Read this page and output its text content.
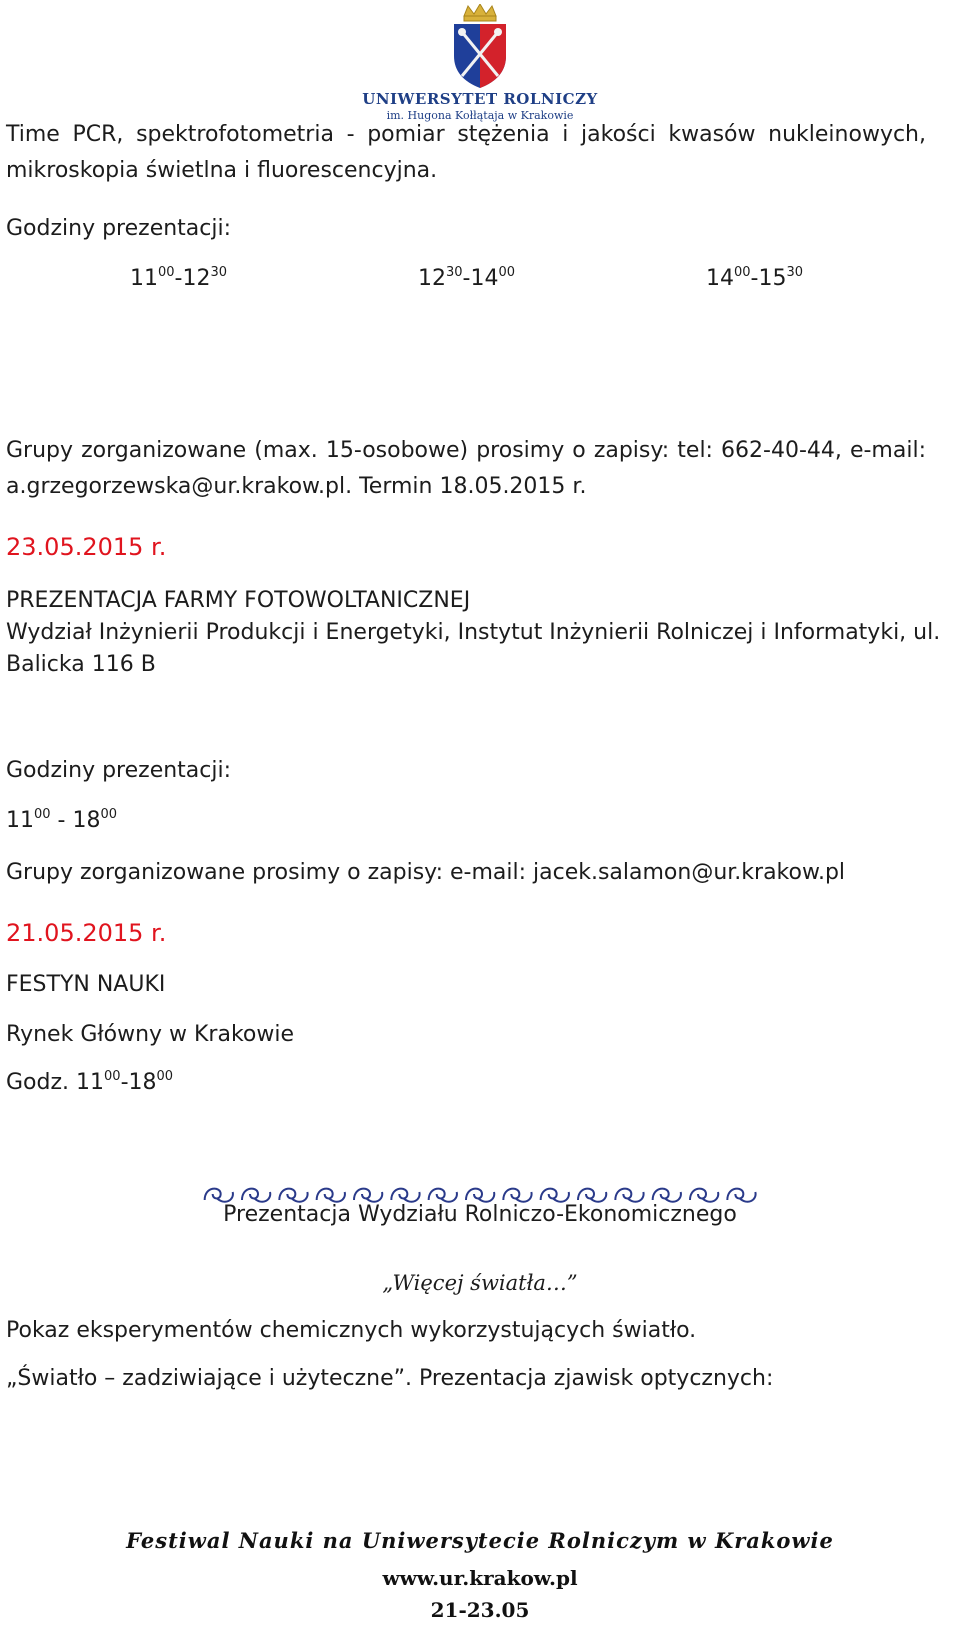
UNIWERSYTET ROLNICZY
im. Hugona Kołłątaja w Krakowie
Time PCR, spektrofotometria - pomiar stężenia i jakości kwasów nukleinowych,
mikroskopia świetlna i fluorescencyjna.
Godziny prezentacji:
$11^{00}-12^{30}$	$12^{30}-14^{00}$	$14^{00}-15^{30}$
Grupy zorganizowane (max. 15-osobowe) prosimy o zapisy: tel: 662-40-44, e-mail:
a.grzegorzewska@ur.krakow.pl. Termin 18.05.2015 r.
23.05.2015 r.
PREZENTACJA FARMY FOTOWOLTANICZNEJ
Wydział Inżynierii Produkcji i Energetyki, Instytut Inżynierii Rolniczej i Informatyki, ul.
Balicka 116 B
Godziny prezentacji:
$11^{00} - 18^{00}$
Grupy zorganizowane prosimy o zapisy: e-mail: jacek.salamon@ur.krakow.pl
21.05.2015 r.
FESTYN NAUKI
Rynek Główny w Krakowie
Godz. $11^{00}-18^{00}$
Prezentacja Wydziału Rolniczo-Ekonomicznego
„Więcej światła…”
Pokaz eksperymentów chemicznych wykorzystujących światło.
„Światło – zadziwiające i użyteczne”. Prezentacja zjawisk optycznych:
Festiwal Nauki na Uniwersytecie Rolniczym w Krakowie
www.ur.krakow.pl
21-23.05
